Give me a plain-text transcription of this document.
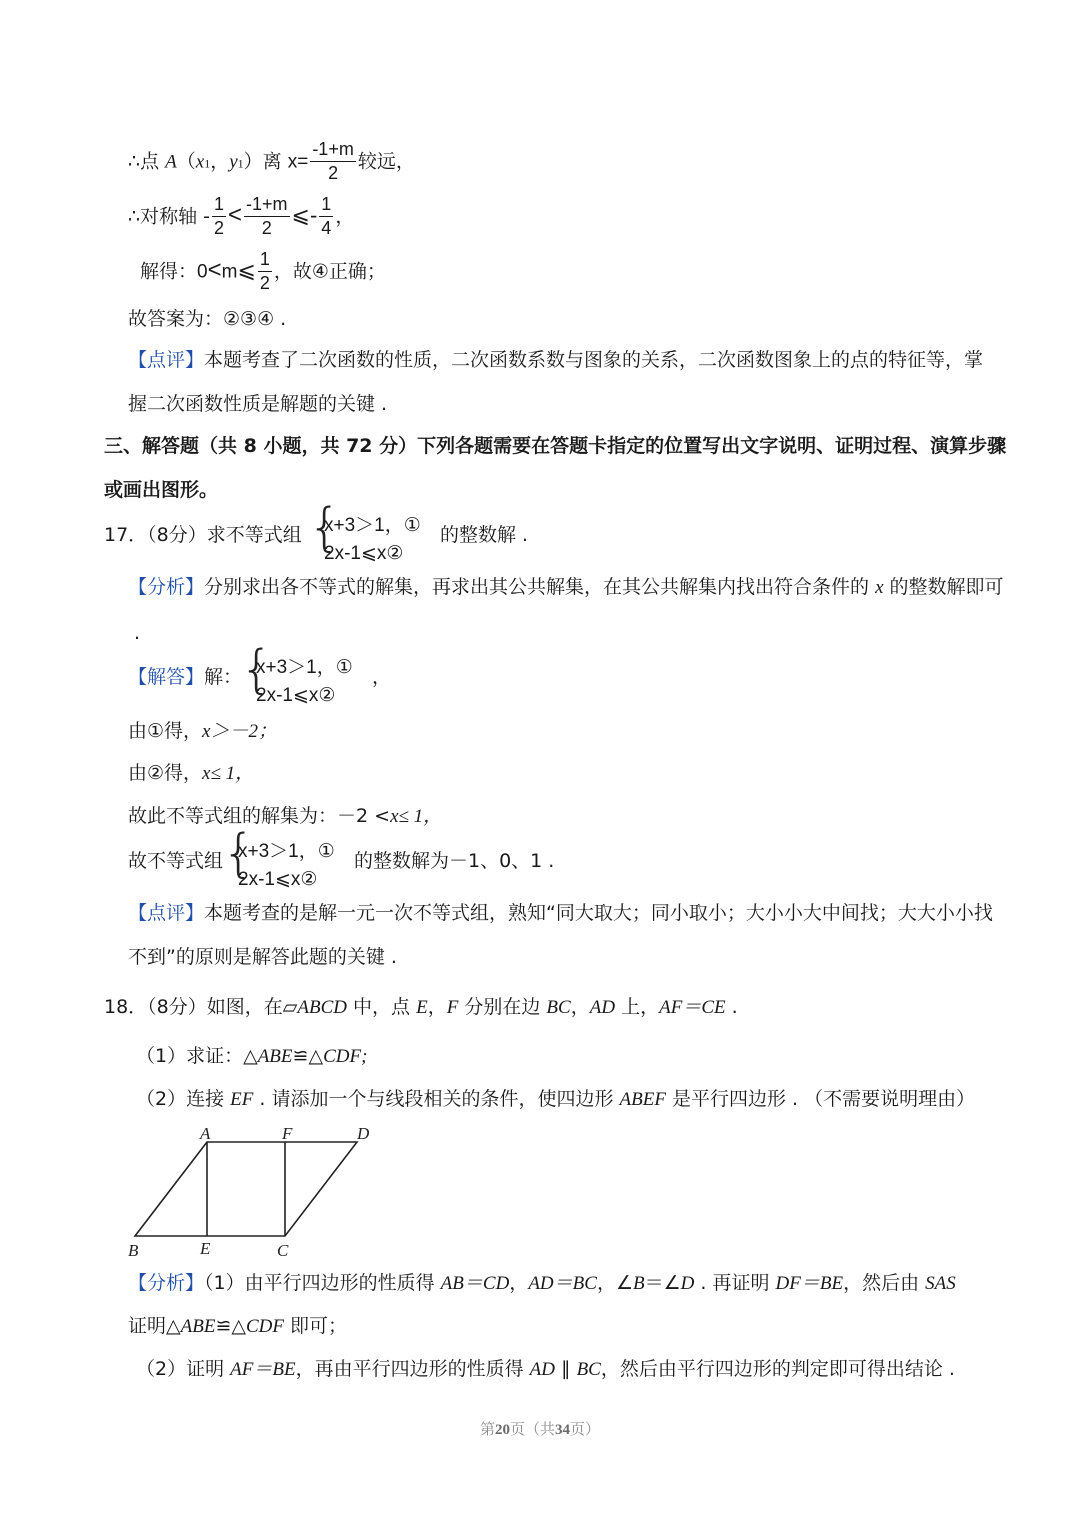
∴点 A（x1，y1）离 $x= \frac{-1+m}{2}$ 较远，
∴对称轴 - $\frac{1}{2} < \frac{-1+m}{2}$ ⩽- $\frac{1}{4}$ ，
解得：0<m⩽ $\frac{1}{2}$ ，故④正确；
故答案为：②③④ .
【点评】本题考查了二次函数的性质，二次函数系数与图象的关系，二次函数图象上的点的特征等，掌
握二次函数性质是解题的关键 .
三、解答题（共 8 小题，共 72 分）下列各题需要在答题卡指定的位置写出文字说明、证明过程、演算步骤
或画出图形。
17．（8分）求不等式组 {
x+3＞1，①
2x-1⩽x②
的整数解 .
【分析】分别求出各不等式的解集，再求出其公共解集，在其公共解集内找出符合条件的 x 的整数解即可
.
【解答】解：
{
x+3＞1，①
2x-1⩽x②
，
由①得，x＞－2；
由②得，x≤ 1，
故此不等式组的解集为：－2 <x≤ 1，
故不等式组
{
x+3＞1，①
2x-1⩽x②
的整数解为－1、0、1 .
【点评】本题考查的是解一元一次不等式组，熟知“同大取大；同小取小；大小小大中间找；大大小小找
不到”的原则是解答此题的关键 .
18．（8分）如图，在▱ABCD 中，点 E，F 分别在边 BC，AD 上，AF＝CE .
（1）求证：△ABE≌△CDF;
（2）连接 EF . 请添加一个与线段相关的条件，使四边形 ABEF 是平行四边形 . （不需要说明理由）
A	F	D
B	E	C
【分析】（1）由平行四边形的性质得 AB＝CD，AD＝BC，∠B＝∠D . 再证明 DF＝BE，然后由 SAS
证明△ABE≌△CDF 即可；
（2）证明 AF＝BE，再由平行四边形的性质得 AD ∥ BC，然后由平行四边形的判定即可得出结论 .
第20页（共34页）
